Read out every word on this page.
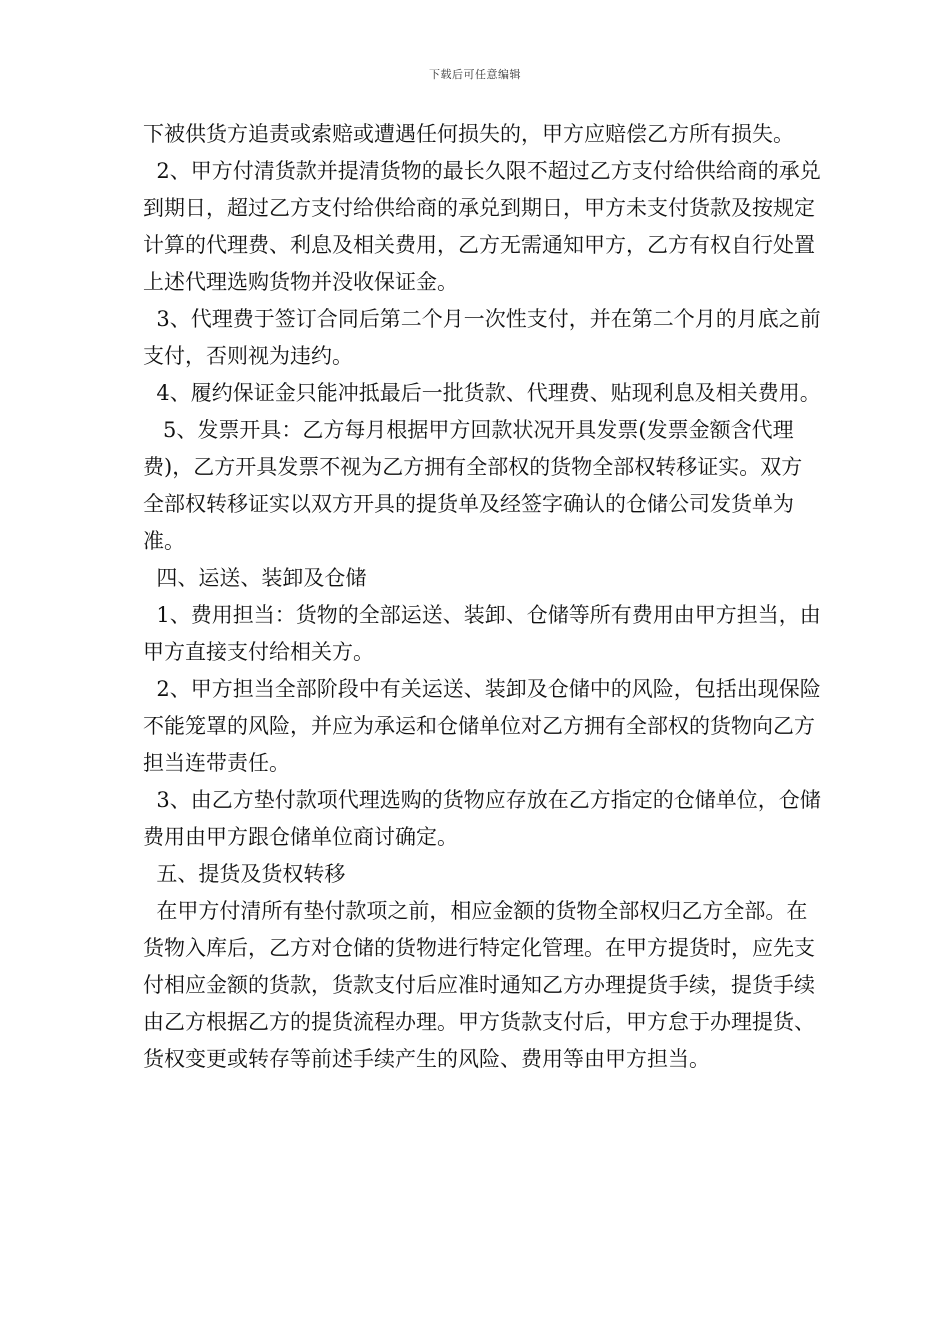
下载后可任意编辑

下被供货方追责或索赔或遭遇任何损失的，甲方应赔偿乙方所有损失。

2、甲方付清货款并提清货物的最长久限不超过乙方支付给供给商的承兑到期日，超过乙方支付给供给商的承兑到期日，甲方未支付货款及按规定计算的代理费、利息及相关费用，乙方无需通知甲方，乙方有权自行处置上述代理选购货物并没收保证金。

3、代理费于签订合同后第二个月一次性支付，并在第二个月的月底之前支付，否则视为违约。

4、履约保证金只能冲抵最后一批货款、代理费、贴现利息及相关费用。

5、发票开具：乙方每月根据甲方回款状况开具发票(发票金额含代理费)，乙方开具发票不视为乙方拥有全部权的货物全部权转移证实。双方全部权转移证实以双方开具的提货单及经签字确认的仓储公司发货单为准。

四、运送、装卸及仓储

1、费用担当：货物的全部运送、装卸、仓储等所有费用由甲方担当，由甲方直接支付给相关方。

2、甲方担当全部阶段中有关运送、装卸及仓储中的风险，包括出现保险不能笼罩的风险，并应为承运和仓储单位对乙方拥有全部权的货物向乙方担当连带责任。

3、由乙方垫付款项代理选购的货物应存放在乙方指定的仓储单位，仓储费用由甲方跟仓储单位商讨确定。

五、提货及货权转移

在甲方付清所有垫付款项之前，相应金额的货物全部权归乙方全部。在货物入库后，乙方对仓储的货物进行特定化管理。在甲方提货时，应先支付相应金额的货款，货款支付后应准时通知乙方办理提货手续，提货手续由乙方根据乙方的提货流程办理。甲方货款支付后，甲方怠于办理提货、货权变更或转存等前述手续产生的风险、费用等由甲方担当。
